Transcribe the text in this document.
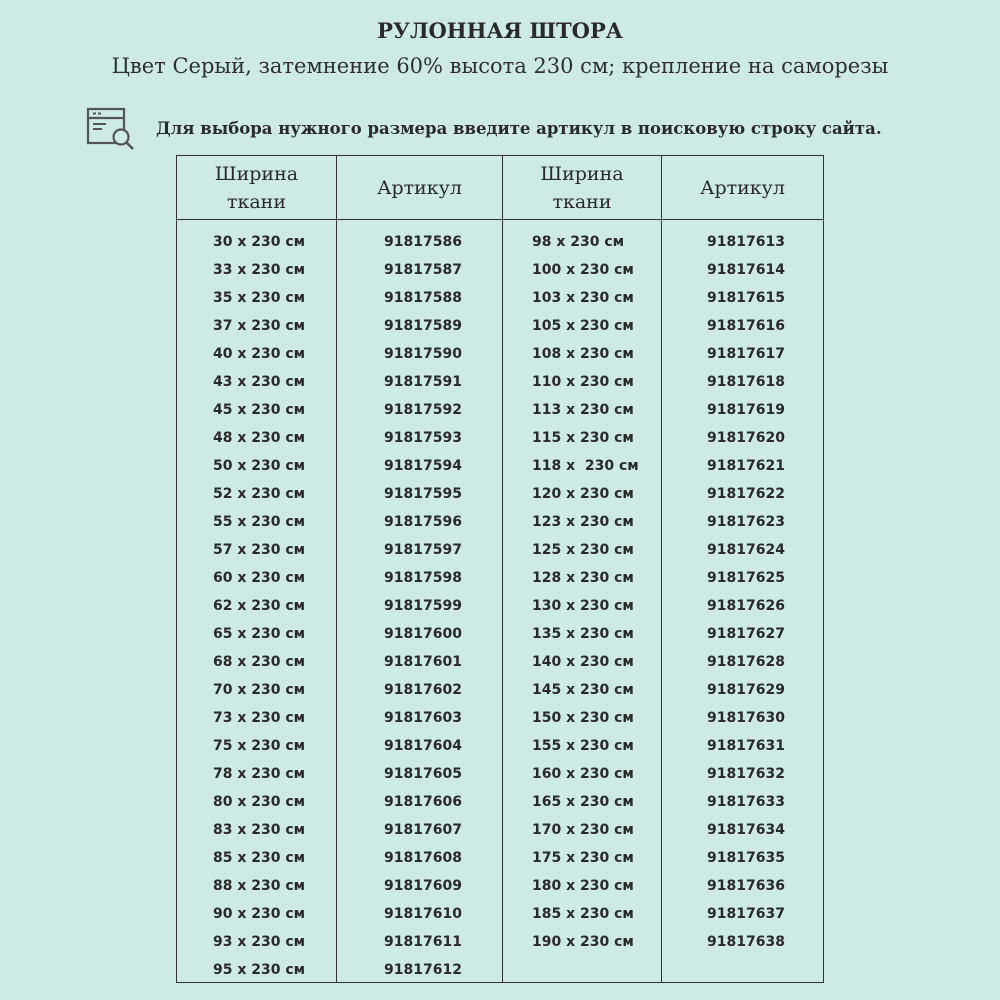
РУЛОННАЯ ШТОРА
Цвет Серый, затемнение 60% высота 230 см; крепление на саморезы
Для выбора нужного размера введите артикул в поисковую строку сайта.
Ширина
ткани
Артикул
Ширина
ткани
Артикул
30 x 230 см
33 x 230 см
35 x 230 см
37 x 230 см
40 x 230 см
43 x 230 см
45 x 230 см
48 x 230 см
50 x 230 см
52 x 230 см
55 x 230 см
57 x 230 см
60 x 230 см
62 x 230 см
65 x 230 см
68 x 230 см
70 x 230 см
73 x 230 см
75 x 230 см
78 x 230 см
80 x 230 см
83 x 230 см
85 x 230 см
88 x 230 см
90 x 230 см
93 x 230 см
95 x 230 см
91817586
91817587
91817588
91817589
91817590
91817591
91817592
91817593
91817594
91817595
91817596
91817597
91817598
91817599
91817600
91817601
91817602
91817603
91817604
91817605
91817606
91817607
91817608
91817609
91817610
91817611
91817612
98 x 230 см
100 x 230 см
103 x 230 см
105 x 230 см
108 x 230 см
110 x 230 см
113 x 230 см
115 x 230 см
118 x  230 см
120 x 230 см
123 x 230 см
125 x 230 см
128 x 230 см
130 x 230 см
135 x 230 см
140 x 230 см
145 x 230 см
150 x 230 см
155 x 230 см
160 x 230 см
165 x 230 см
170 x 230 см
175 x 230 см
180 x 230 см
185 x 230 см
190 x 230 см
91817613
91817614
91817615
91817616
91817617
91817618
91817619
91817620
91817621
91817622
91817623
91817624
91817625
91817626
91817627
91817628
91817629
91817630
91817631
91817632
91817633
91817634
91817635
91817636
91817637
91817638
